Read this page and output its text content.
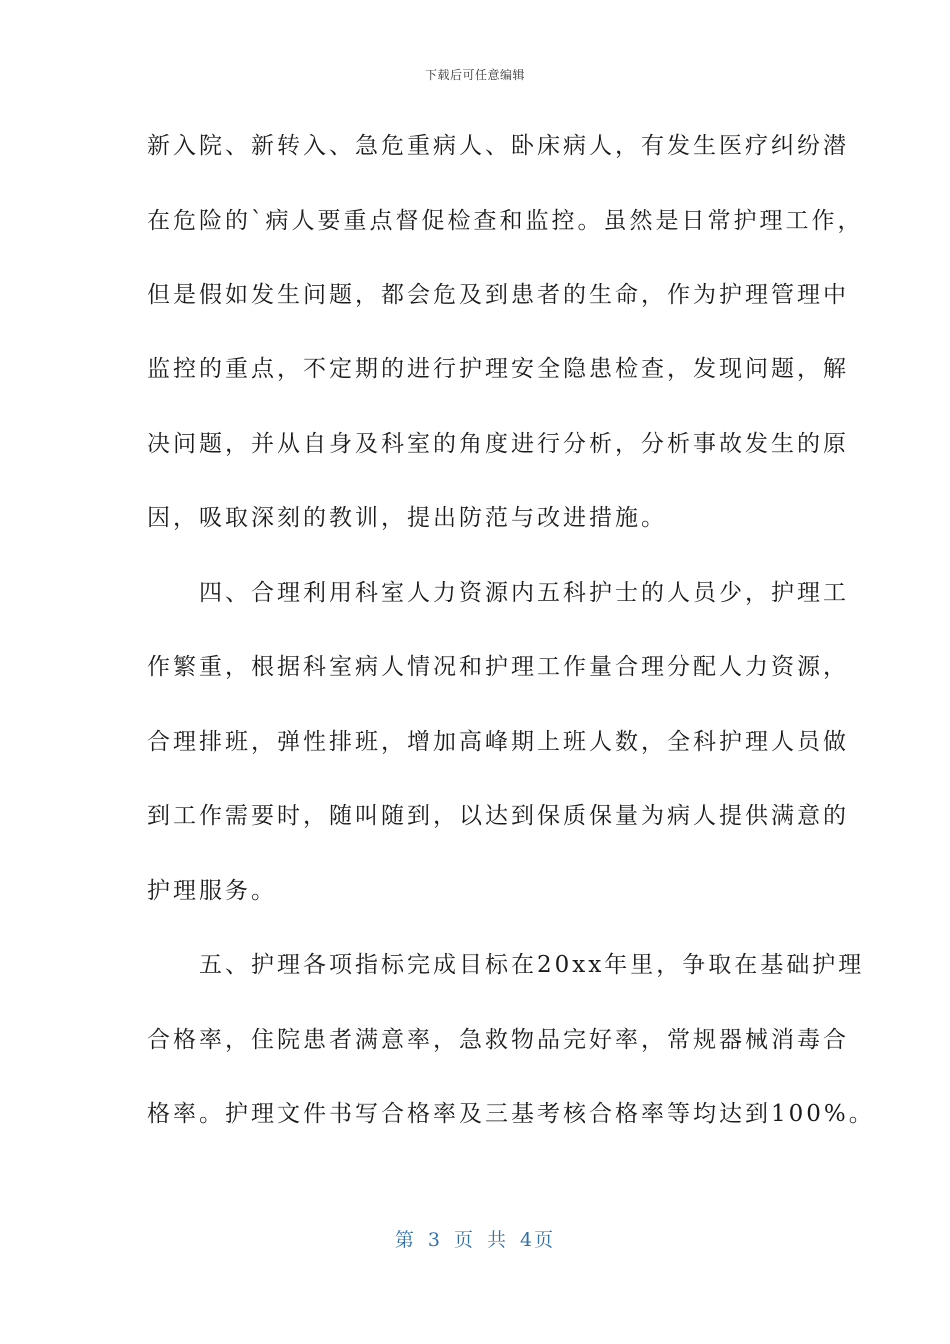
下载后可任意编辑
新入院、新转入、急危重病人、卧床病人，有发生医疗纠纷潜
在危险的`病人要重点督促检查和监控。虽然是日常护理工作，
但是假如发生问题，都会危及到患者的生命，作为护理管理中
监控的重点，不定期的进行护理安全隐患检查，发现问题，解
决问题，并从自身及科室的角度进行分析，分析事故发生的原
因，吸取深刻的教训，提出防范与改进措施。
　　四、合理利用科室人力资源内五科护士的人员少，护理工
作繁重，根据科室病人情况和护理工作量合理分配人力资源，
合理排班，弹性排班，增加高峰期上班人数，全科护理人员做
到工作需要时，随叫随到，以达到保质保量为病人提供满意的
护理服务。
　　五、护理各项指标完成目标在20xx年里，争取在基础护理
合格率，住院患者满意率，急救物品完好率，常规器械消毒合
格率。护理文件书写合格率及三基考核合格率等均达到100%。
第 3 页 共 4页
